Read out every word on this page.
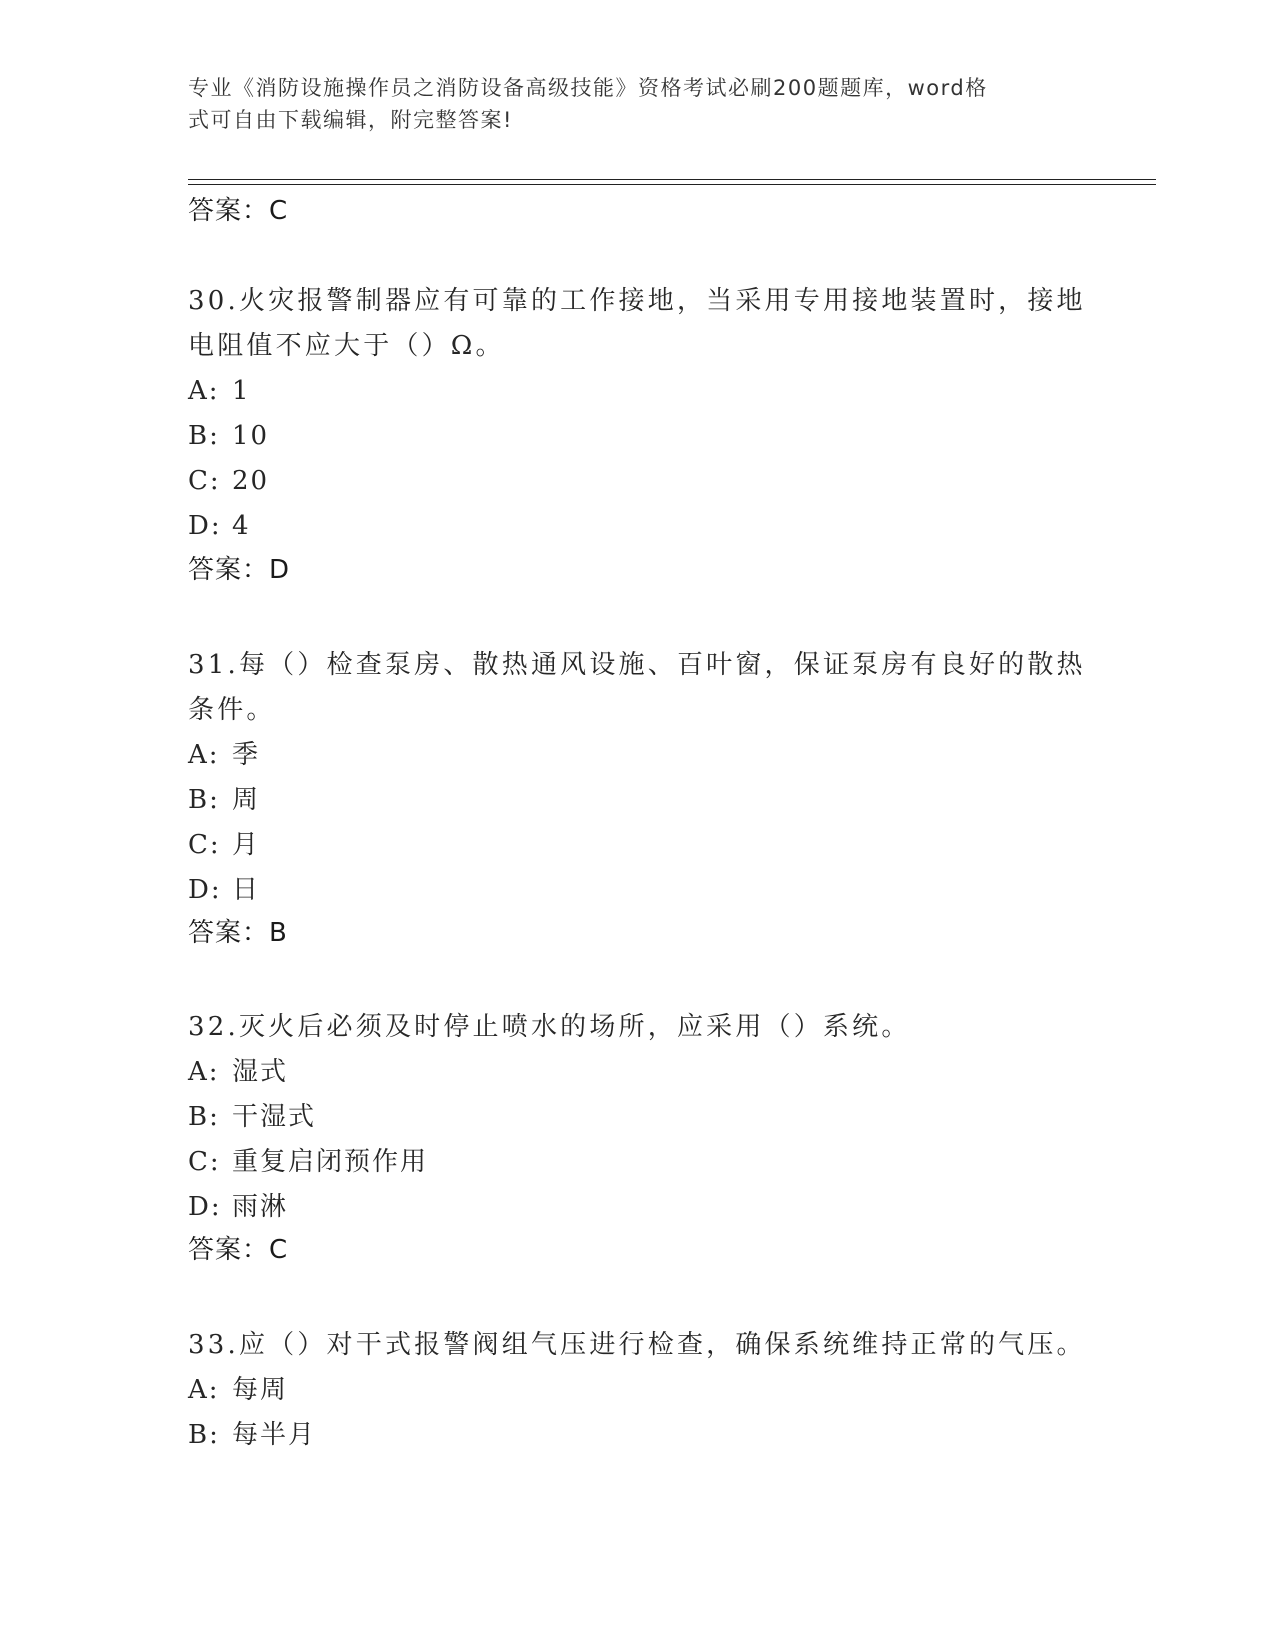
专业《消防设施操作员之消防设备高级技能》资格考试必刷200题题库，word格
式可自由下载编辑，附完整答案!
答案：C
30.火灾报警制器应有可靠的工作接地，当采用专用接地装置时，接地
电阻值不应大于（）Ω。
A: 1
B: 10
C: 20
D: 4
答案：D
31.每（）检查泵房、散热通风设施、百叶窗，保证泵房有良好的散热
条件。
A: 季
B: 周
C: 月
D: 日
答案：B
32.灭火后必须及时停止喷水的场所，应采用（）系统。
A: 湿式
B: 干湿式
C: 重复启闭预作用
D: 雨淋
答案：C
33.应（）对干式报警阀组气压进行检查，确保系统维持正常的气压。
A: 每周
B: 每半月
